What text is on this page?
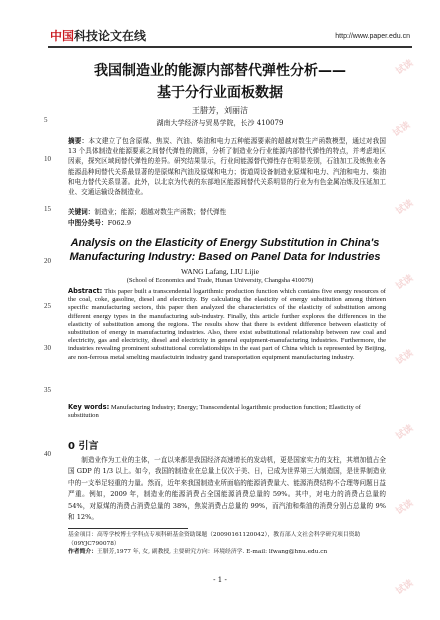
中国科技论文在线	http://www.paper.edu.cn
我国制造业的能源内部替代弹性分析——
基于分行业面板数据
王腊芳，刘丽洁
湖南大学经济与贸易学院，长沙 410079
5
10
15
20
25
30
35
40
摘要：本文建立了包含原煤、焦炭、汽油、柴油和电力五种能源要素的超越对数生产函数模型，通过对我国 13 个具体制造业能源要素之间替代弹性的测算，分析了制造业分行业能源内部替代弹性的特点，并考虑地区因素，探究区域间替代弹性的差异。研究结果显示，行业间能源替代弹性存在明显差别，石油加工及炼焦业各能源品种间替代关系最显著的是原煤和汽油及原煤和电力；街道周设备制造业原煤和电力、汽油和电力、柴油和电力替代关系显著。此外，以北京为代表的东部地区能源间替代关系明显的行业为有色金属冶炼及压延加工业、交通运输设备制造业。
关键词：制造业；能源；超越对数生产函数；替代弹性
中图分类号：F062.9
Analysis on the Elasticity of Energy Substitution in China's
Manufacturing Industry: Based on Panel Data for Industries
WANG Lafang, LIU Lijie
(School of Economics and Trade, Hunan University, Changsha 410079)
Abstract: This paper built a transcendental logarithmic production function which contains five energy resources of the coal, coke, gasoline, diesel and electricity. By calculating the elasticity of energy substitution among thirteen specific manufacturing sectors, this paper then analyzed the characteristics of the elasticity of substitution among different energy types in the manufacturing sub-industry. Finally, this article further explores the differences in the elasticity of substitution among the regions. The results show that there is evident difference between elasticity of substitution of energy in manufacturing industries. Also, there exist substitutional relationship between raw coal and electricity, gas and electricity, diesel and electricity in general equipment-manufacturing industries. Furthermore, the industries revealing prominent substitutional correlationships in the east part of China which is represented by Beijing, are non-ferrous metal smelting maufactuirin industry gand transportation equipment manufacturing industry.
Key words: Manufacturing Industry; Energy; Transcendental logarithmic production function; Elasticity of substitution
0 引言
制造业作为工业的主体，一直以来都是我国经济高速增长的发动机，更是国家实力的支柱，其增加值占全国 GDP 的 1/3 以上。如今，我国的制造业在总量上仅次于美、日，已成为世界第三大制造国，是世界制造业中的一支举足轻重的力量。然而，近年来我国制造业所面临的能源消费量大、能源消费结构不合理等问题日益严重。例如，2009 年，制造业的能源消费占全国能源消费总量的 59%。其中，对电力的消费占总量的 54%，对原煤的消费占消费总量的 38%，焦炭消费占总量的 99%，而汽油和柴油的消费分别占总量的 9% 和 12%。
基金项目：高等学校博士学科点专项科研基金资助课题（20090161120042），教育部人文社会科学研究项目资助（09YJC790078）
作者简介：王腊芳,1977 年, 女, 副教授, 主要研究方向：环境经济学. E-mail: lfwang@hnu.edu.cn
- 1 -
试读
试读
试读
试读
试读
试读
试读
试读
